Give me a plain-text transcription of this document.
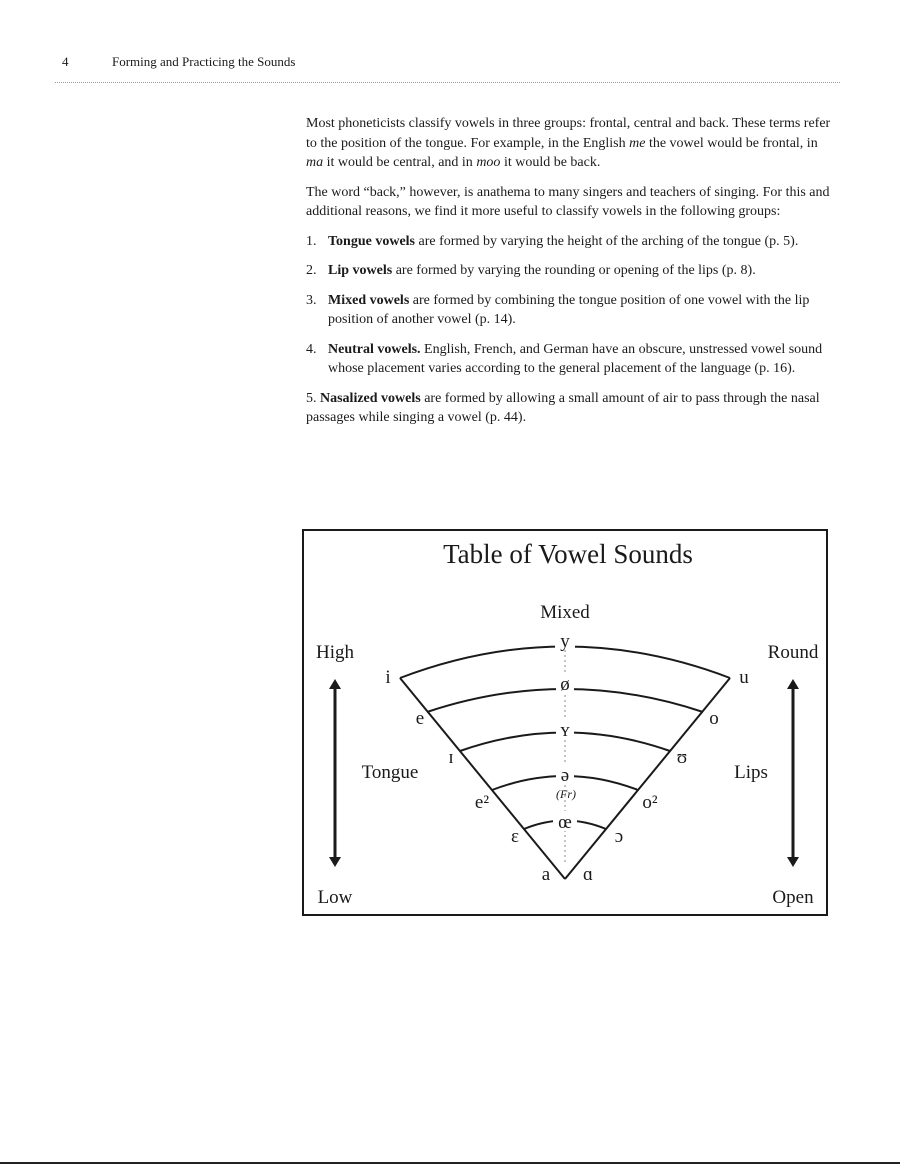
4	Forming and Practicing the Sounds

Most phoneticists classify vowels in three groups: frontal, central and back. These terms refer to the position of the tongue. For example, in the English me the vowel would be frontal, in ma it would be central, and in moo it would be back.

The word “back,” however, is anathema to many singers and teachers of singing. For this and additional reasons, we find it more useful to classify vowels in the following groups:

1. Tongue vowels are formed by varying the height of the arching of the tongue (p. 5).
2. Lip vowels are formed by varying the rounding or opening of the lips (p. 8).
3. Mixed vowels are formed by combining the tongue position of one vowel with the lip position of another vowel (p. 14).
4. Neutral vowels. English, French, and German have an obscure, unstressed vowel sound whose placement varies according to the general placement of the language (p. 16).

5. Nasalized vowels are formed by allowing a small amount of air to pass through the nasal passages while singing a vowel (p. 44).

Table of Vowel Sounds
Mixed
High
Low
Round
Open
Tongue	Lips
i
e
ɪ
e²
ɛ
a
u
o
ʊ
o²
ɔ
ɑ
y
ø
ʏ
ə
œ
(Fr)
